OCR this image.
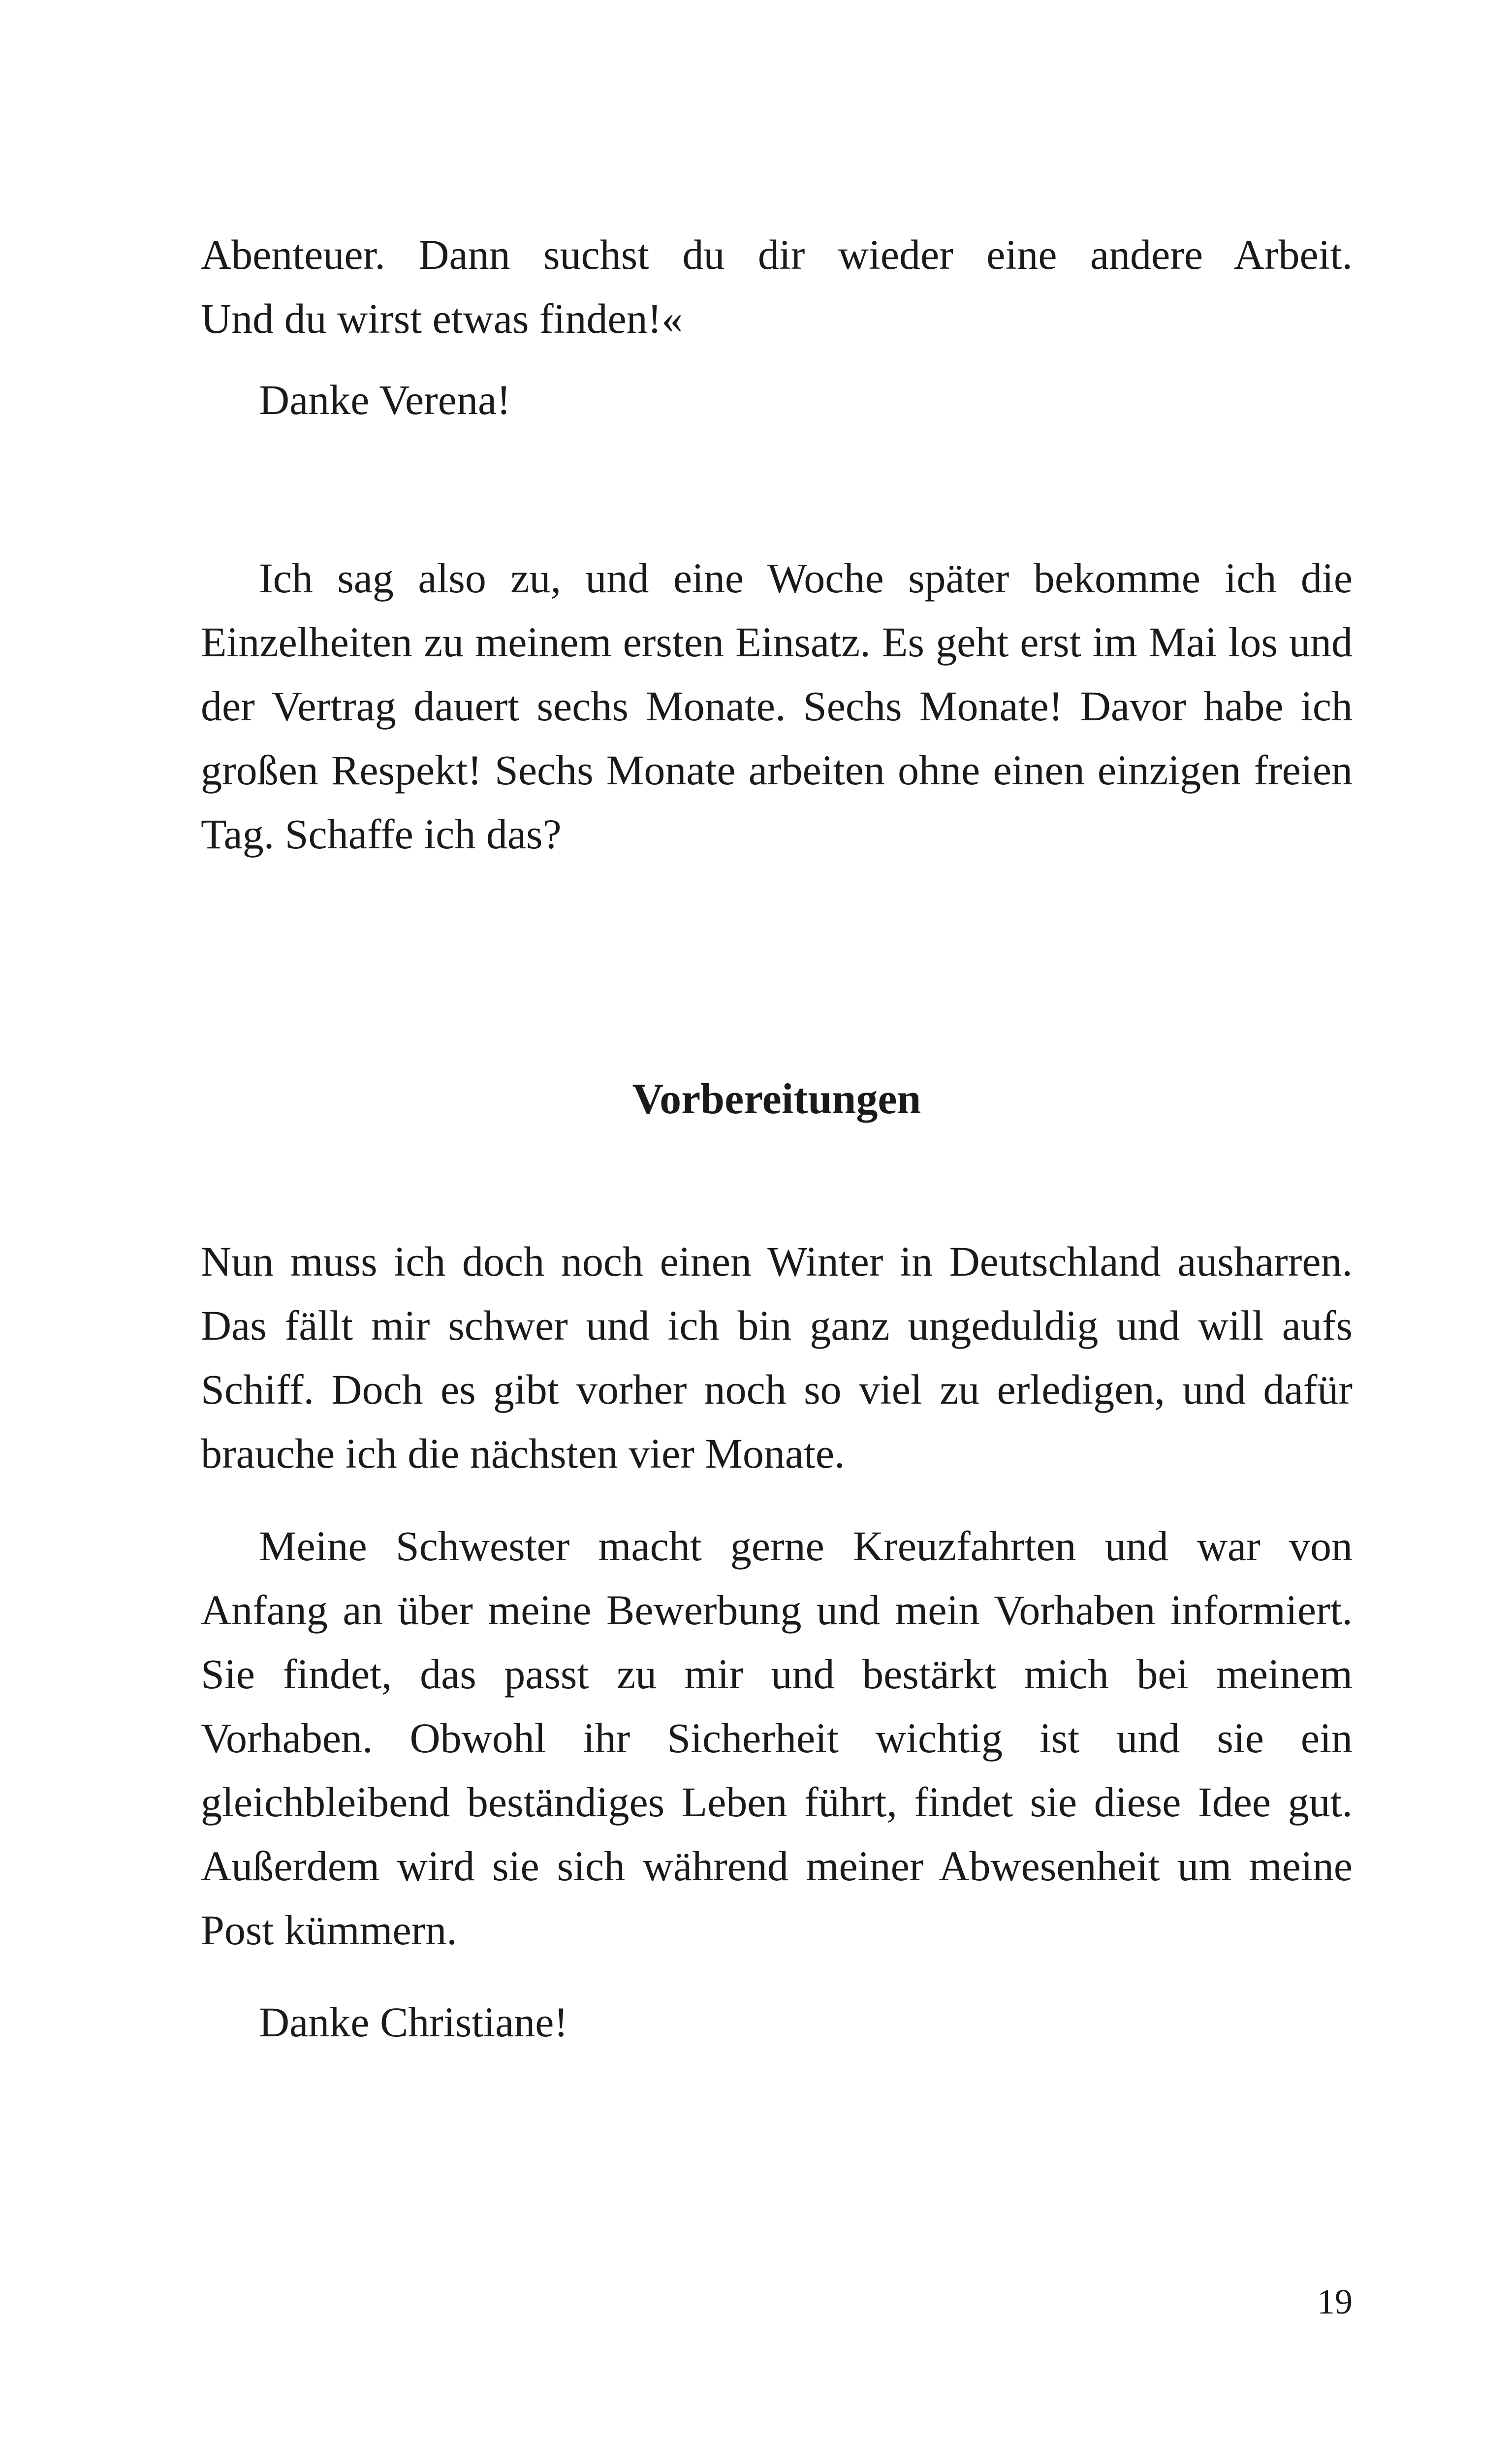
Abenteuer. Dann suchst du dir wieder eine andere Arbeit.

Und du wirst etwas finden!«

Danke Verena!

Ich sag also zu, und eine Woche später bekomme ich die Einzelheiten zu meinem ersten Einsatz. Es geht erst im Mai los und der Vertrag dauert sechs Monate. Sechs Monate! Davor habe ich großen Respekt! Sechs Monate arbeiten ohne einen einzigen freien Tag. Schaffe ich das?

Vorbereitungen

Nun muss ich doch noch einen Winter in Deutschland ausharren. Das fällt mir schwer und ich bin ganz ungeduldig und will aufs Schiff. Doch es gibt vorher noch so viel zu erledigen, und dafür brauche ich die nächsten vier Monate.

Meine Schwester macht gerne Kreuzfahrten und war von Anfang an über meine Bewerbung und mein Vorhaben informiert. Sie findet, das passt zu mir und bestärkt mich bei meinem Vorhaben. Obwohl ihr Sicherheit wichtig ist und sie ein gleichbleibend beständiges Leben führt, findet sie diese Idee gut. Außerdem wird sie sich während meiner Abwesenheit um meine Post kümmern.

Danke Christiane!

19
